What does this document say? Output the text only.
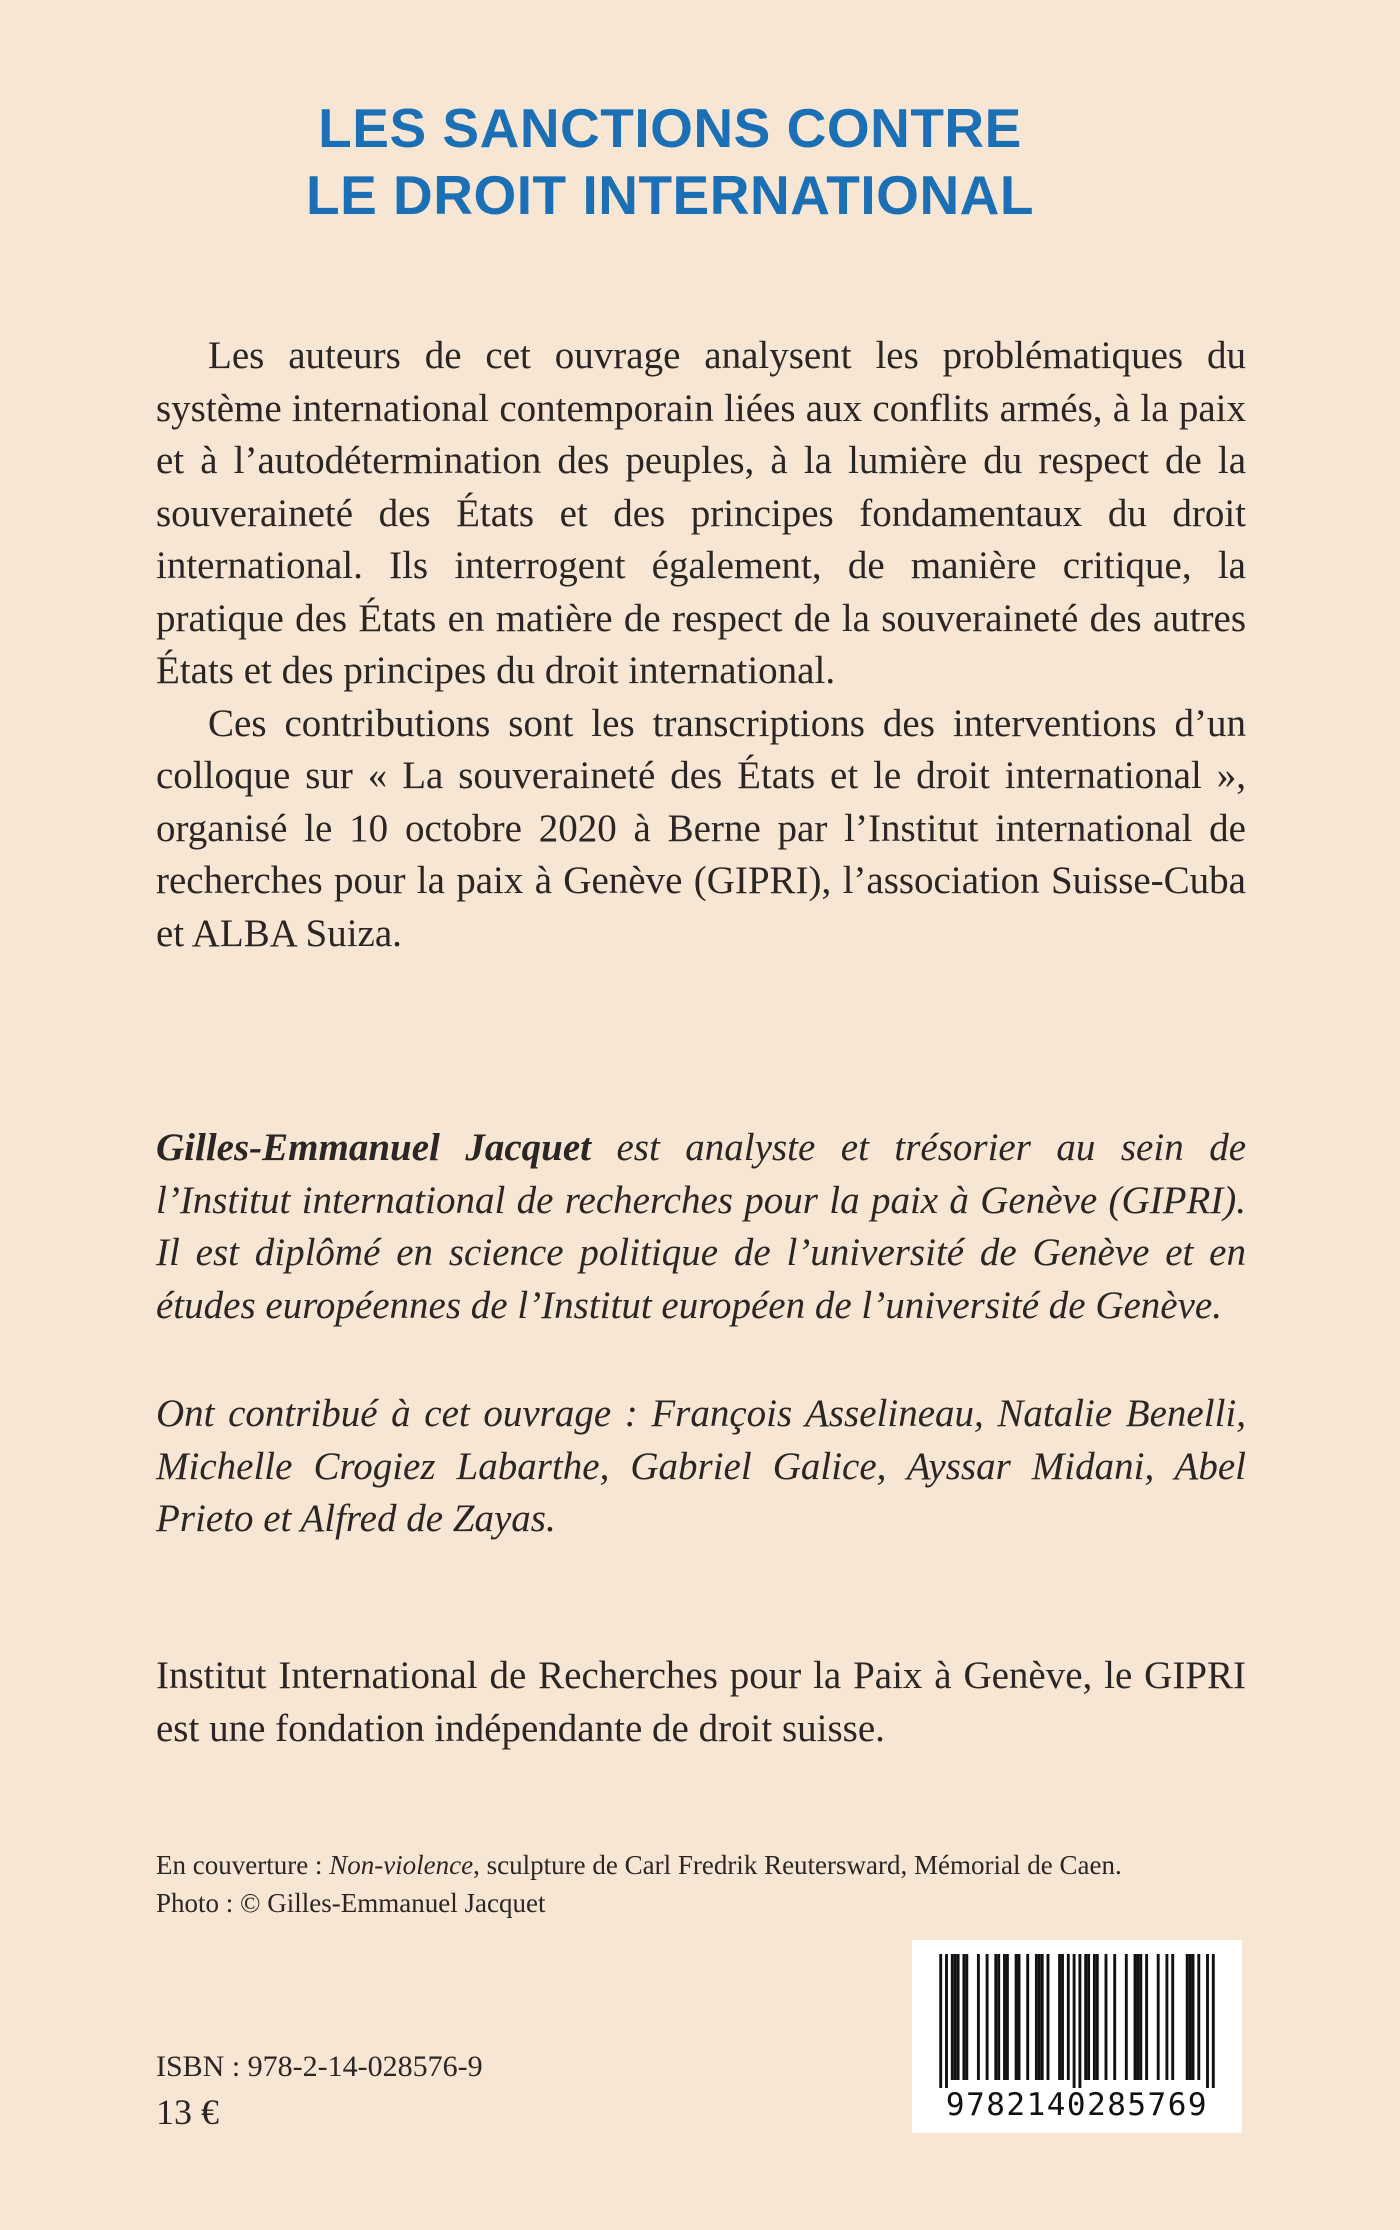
LES SANCTIONS CONTRE
LE DROIT INTERNATIONAL

Les auteurs de cet ouvrage analysent les problématiques du système international contemporain liées aux conflits armés, à la paix et à l’autodétermination des peuples, à la lumière du respect de la souveraineté des États et des principes fondamentaux du droit international. Ils interrogent également, de manière critique, la pratique des États en matière de respect de la souveraineté des autres États et des principes du droit international.

Ces contributions sont les transcriptions des interventions d’un colloque sur « La souveraineté des États et le droit international », organisé le 10 octobre 2020 à Berne par l’Institut international de recherches pour la paix à Genève (GIPRI), l’association Suisse-Cuba et ALBA Suiza.

Gilles-Emmanuel Jacquet est analyste et trésorier au sein de l’Institut international de recherches pour la paix à Genève (GIPRI). Il est diplômé en science politique de l’université de Genève et en études européennes de l’Institut européen de l’université de Genève.
Ont contribué à cet ouvrage : François Asselineau, Natalie Benelli, Michelle Crogiez Labarthe, Gabriel Galice, Ayssar Midani, Abel Prieto et Alfred de Zayas.
Institut International de Recherches pour la Paix à Genève, le GIPRI est une fondation indépendante de droit suisse.
En couverture : Non-violence, sculpture de Carl Fredrik Reutersward, Mémorial de Caen.
Photo : © Gilles-Emmanuel Jacquet
ISBN : 978-2-14-028576-9
13 €	9782140285769
